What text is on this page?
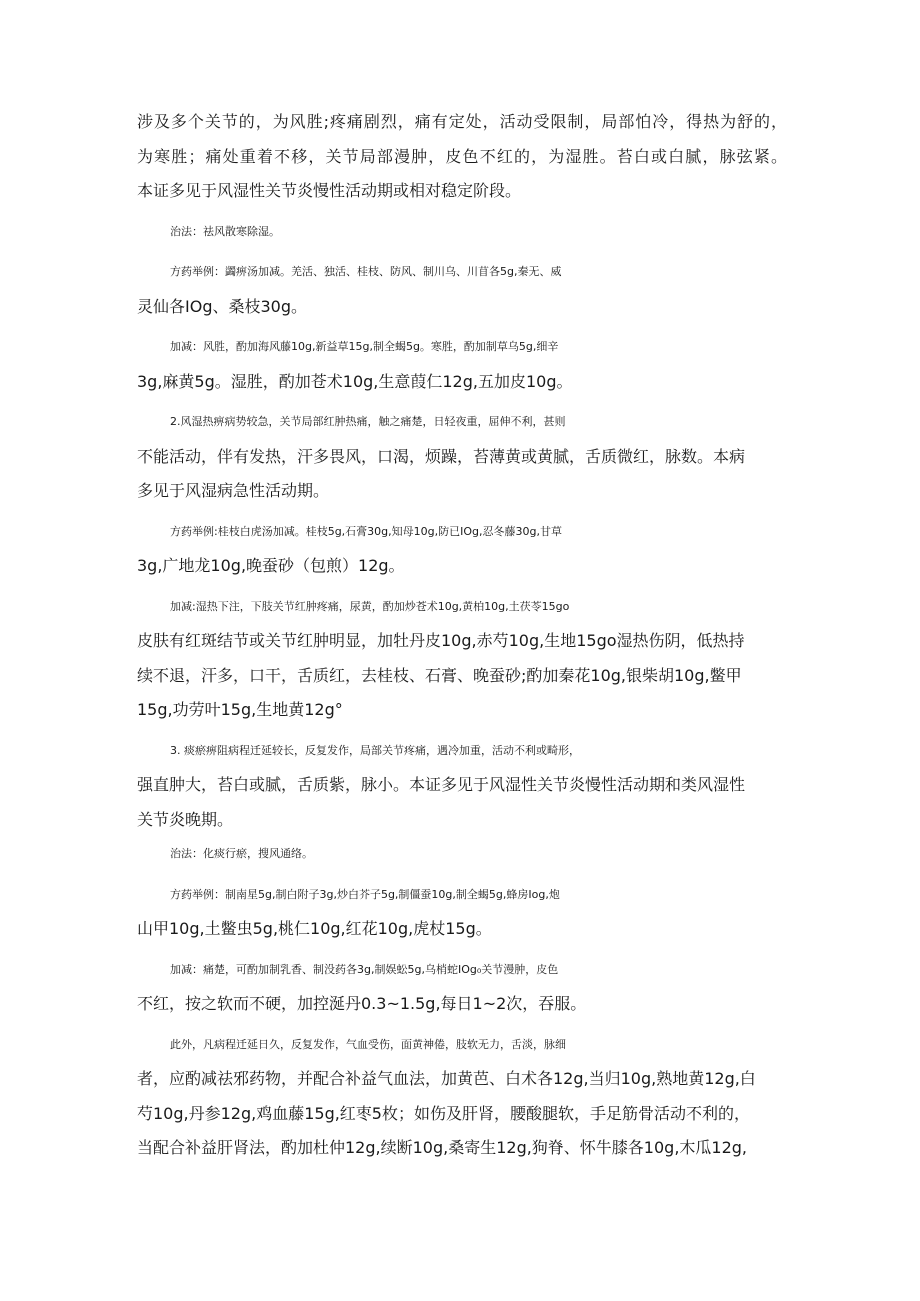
涉及多个关节的，为风胜;疼痛剧烈，痛有定处，活动受限制，局部怕冷，得热为舒的，
为寒胜；痛处重着不移，关节局部漫肿，皮色不红的，为湿胜。苔白或白腻，脉弦紧。
本证多见于风湿性关节炎慢性活动期或相对稳定阶段。
治法：祛风散寒除湿。
方药举例：蠲痹汤加减。羌活、独活、桂枝、防风、制川乌、川苜各5g,秦无、威
灵仙各IOg、桑枝30g。
加减：风胜，酌加海风藤10g,新益草15g,制全蝎5g。寒胜，酌加制草乌5g,细辛
3g,麻黄5g。湿胜，酌加苍术10g,生意葭仁12g,五加皮10g。
2.风湿热痹病势较急，关节局部红肿热痛，触之痛楚，日轻夜重，屈伸不利，甚则
不能活动，伴有发热，汗多畏风，口渴，烦躁，苔薄黄或黄腻，舌质微红，脉数。本病
多见于风湿病急性活动期。
方药举例:桂枝白虎汤加减。桂枝5g,石膏30g,知母10g,防已IOg,忍冬藤30g,甘草
3g,广地龙10g,晚蚕砂（包煎）12g。
加减:湿热下注，下肢关节红肿疼痛，尿黄，酌加炒苍术10g,黄柏10g,土茯苓15go
皮肤有红斑结节或关节红肿明显，加牡丹皮10g,赤芍10g,生地15go湿热伤阴，低热持
续不退，汗多，口干，舌质红，去桂枝、石膏、晚蚕砂;酌加秦花10g,银柴胡10g,鳖甲
15g,功劳叶15g,生地黄12g°
3. 痰瘀痹阻病程迁延较长，反复发作，局部关节疼痛，遇冷加重，活动不利或畸形，
强直肿大，苔白或腻，舌质紫，脉小。本证多见于风湿性关节炎慢性活动期和类风湿性
关节炎晚期。
治法：化痰行瘀，搜风通络。
方药举例：制南星5g,制白附子3g,炒白芥子5g,制僵蚕10g,制全蝎5g,蜂房Iog,炮
山甲10g,土鳖虫5g,桃仁10g,红花10g,虎杖15g。
加减：痛楚，可酌加制乳香、制没药各3g,制娱蚣5g,乌梢蛇IOg₀关节漫肿，皮色
不红，按之软而不硬，加控涎丹0.3~1.5g,每日1~2次，吞服。
此外，凡病程迁延日久，反复发作，气血受伤，面黄神倦，肢软无力，舌淡，脉细
者，应酌减祛邪药物，并配合补益气血法，加黄芭、白术各12g,当归10g,熟地黄12g,白
芍10g,丹参12g,鸡血藤15g,红枣5枚；如伤及肝肾，腰酸腿软，手足筋骨活动不利的，
当配合补益肝肾法，酌加杜仲12g,续断10g,桑寄生12g,狗脊、怀牛膝各10g,木瓜12g,
